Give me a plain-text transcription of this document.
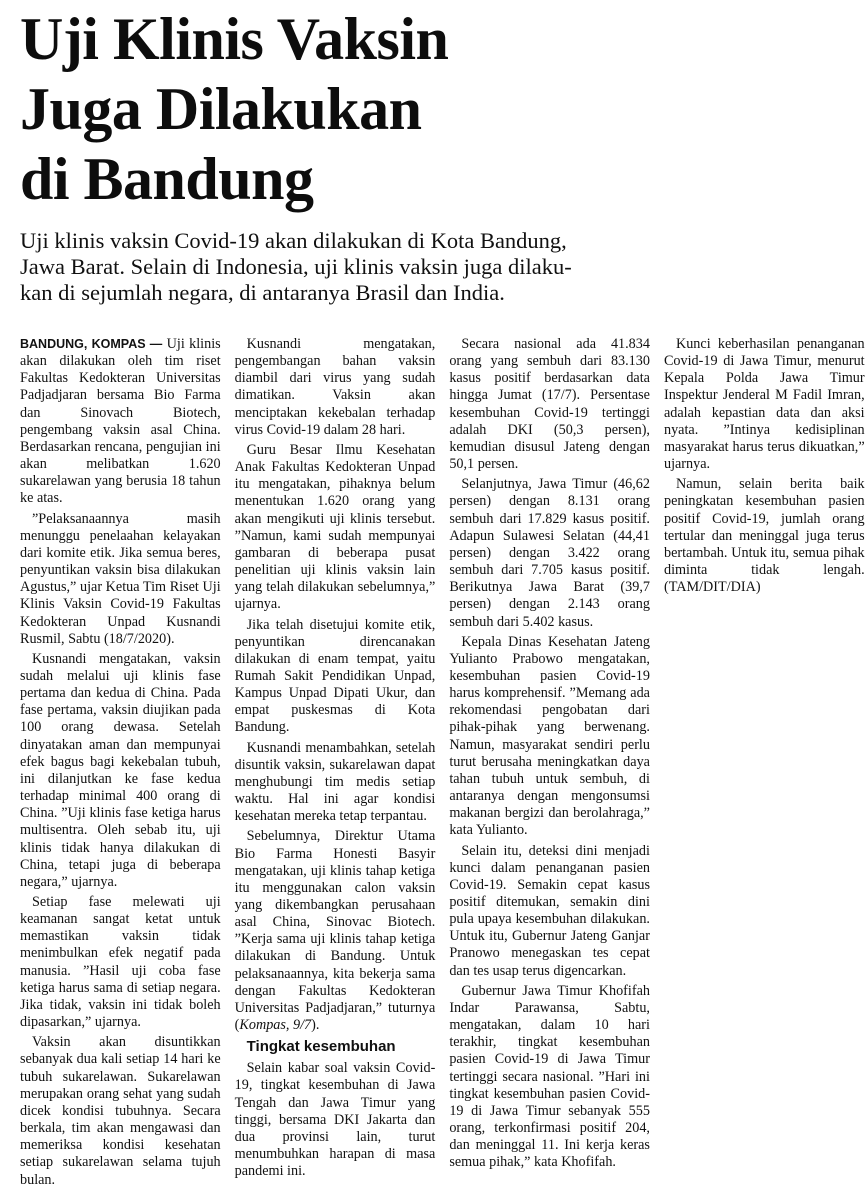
Uji Klinis Vaksin
Juga Dilakukan
di Bandung
Uji klinis vaksin Covid-19 akan dilakukan di Kota Bandung,
Jawa Barat. Selain di Indonesia, uji klinis vaksin juga dilaku-
kan di sejumlah negara, di antaranya Brasil dan India.

BANDUNG, KOMPAS — Uji klinis akan dilakukan oleh tim riset Fakultas Kedokteran Universitas Padjadjaran bersama Bio Farma dan Sinovach Biotech, pengembang vaksin asal China. Berdasarkan rencana, pengujian ini akan melibatkan 1.620 sukarelawan yang berusia 18 tahun ke atas.

”Pelaksanaannya masih menunggu penelaahan kelayakan dari komite etik. Jika semua beres, penyuntikan vaksin bisa dilakukan Agustus,” ujar Ketua Tim Riset Uji Klinis Vaksin Covid-19 Fakultas Kedokteran Unpad Kusnandi Rusmil, Sabtu (18/7/2020).

Kusnandi mengatakan, vaksin sudah melalui uji klinis fase pertama dan kedua di China. Pada fase pertama, vaksin diujikan pada 100 orang dewasa. Setelah dinyatakan aman dan mempunyai efek bagus bagi kekebalan tubuh, ini dilanjutkan ke fase kedua terhadap minimal 400 orang di China. ”Uji klinis fase ketiga harus multisentra. Oleh sebab itu, uji klinis tidak hanya dilakukan di China, tetapi juga di beberapa negara,” ujarnya.

Setiap fase melewati uji keamanan sangat ketat untuk memastikan vaksin tidak menimbulkan efek negatif pada manusia. ”Hasil uji coba fase ketiga harus sama di setiap negara. Jika tidak, vaksin ini tidak boleh dipasarkan,” ujarnya.

Vaksin akan disuntikkan sebanyak dua kali setiap 14 hari ke tubuh sukarelawan. Sukarelawan merupakan orang sehat yang sudah dicek kondisi tubuhnya. Secara berkala, tim akan mengawasi dan memeriksa kondisi kesehatan setiap sukarelawan selama tujuh bulan.

Kusnandi mengatakan, pengembangan bahan vaksin diambil dari virus yang sudah dimatikan. Vaksin akan menciptakan kekebalan terhadap virus Covid-19 dalam 28 hari.

Guru Besar Ilmu Kesehatan Anak Fakultas Kedokteran Unpad itu mengatakan, pihaknya belum menentukan 1.620 orang yang akan mengikuti uji klinis tersebut. ”Namun, kami sudah mempunyai gambaran di beberapa pusat penelitian uji klinis vaksin lain yang telah dilakukan sebelumnya,” ujarnya.

Jika telah disetujui komite etik, penyuntikan direncanakan dilakukan di enam tempat, yaitu Rumah Sakit Pendidikan Unpad, Kampus Unpad Dipati Ukur, dan empat puskesmas di Kota Bandung.

Kusnandi menambahkan, setelah disuntik vaksin, sukarelawan dapat menghubungi tim medis setiap waktu. Hal ini agar kondisi kesehatan mereka tetap terpantau.

Sebelumnya, Direktur Utama Bio Farma Honesti Basyir mengatakan, uji klinis tahap ketiga itu menggunakan calon vaksin yang dikembangkan perusahaan asal China, Sinovac Biotech. ”Kerja sama uji klinis tahap ketiga dilakukan di Bandung. Untuk pelaksanaannya, kita bekerja sama dengan Fakultas Kedokteran Universitas Padjadjaran,” tuturnya (Kompas, 9/7).

Tingkat kesembuhan

Selain kabar soal vaksin Covid-19, tingkat kesembuhan di Jawa Tengah dan Jawa Timur yang tinggi, bersama DKI Jakarta dan dua provinsi lain, turut menumbuhkan harapan di masa pandemi ini.

Secara nasional ada 41.834 orang yang sembuh dari 83.130 kasus positif berdasarkan data hingga Jumat (17/7). Persentase kesembuhan Covid-19 tertinggi adalah DKI (50,3 persen), kemudian disusul Jateng dengan 50,1 persen.

Selanjutnya, Jawa Timur (46,62 persen) dengan 8.131 orang sembuh dari 17.829 kasus positif. Adapun Sulawesi Selatan (44,41 persen) dengan 3.422 orang sembuh dari 7.705 kasus positif. Berikutnya Jawa Barat (39,7 persen) dengan 2.143 orang sembuh dari 5.402 kasus.

Kepala Dinas Kesehatan Jateng Yulianto Prabowo mengatakan, kesembuhan pasien Covid-19 harus komprehensif. ”Memang ada rekomendasi pengobatan dari pihak-pihak yang berwenang. Namun, masyarakat sendiri perlu turut berusaha meningkatkan daya tahan tubuh untuk sembuh, di antaranya dengan mengonsumsi makanan bergizi dan berolahraga,” kata Yulianto.

Selain itu, deteksi dini menjadi kunci dalam penanganan pasien Covid-19. Semakin cepat kasus positif ditemukan, semakin dini pula upaya kesembuhan dilakukan. Untuk itu, Gubernur Jateng Ganjar Pranowo menegaskan tes cepat dan tes usap terus digencarkan.

Gubernur Jawa Timur Khofifah Indar Parawansa, Sabtu, mengatakan, dalam 10 hari terakhir, tingkat kesembuhan pasien Covid-19 di Jawa Timur tertinggi secara nasional. ”Hari ini tingkat kesembuhan pasien Covid-19 di Jawa Timur sebanyak 555 orang, terkonfirmasi positif 204, dan meninggal 11. Ini kerja keras semua pihak,” kata Khofifah.

Kunci keberhasilan penanganan Covid-19 di Jawa Timur, menurut Kepala Polda Jawa Timur Inspektur Jenderal M Fadil Imran, adalah kepastian data dan aksi nyata. ”Intinya kedisiplinan masyarakat harus terus dikuatkan,” ujarnya.

Namun, selain berita baik peningkatan kesembuhan pasien positif Covid-19, jumlah orang tertular dan meninggal juga terus bertambah. Untuk itu, semua pihak diminta tidak lengah. (TAM/DIT/DIA)
